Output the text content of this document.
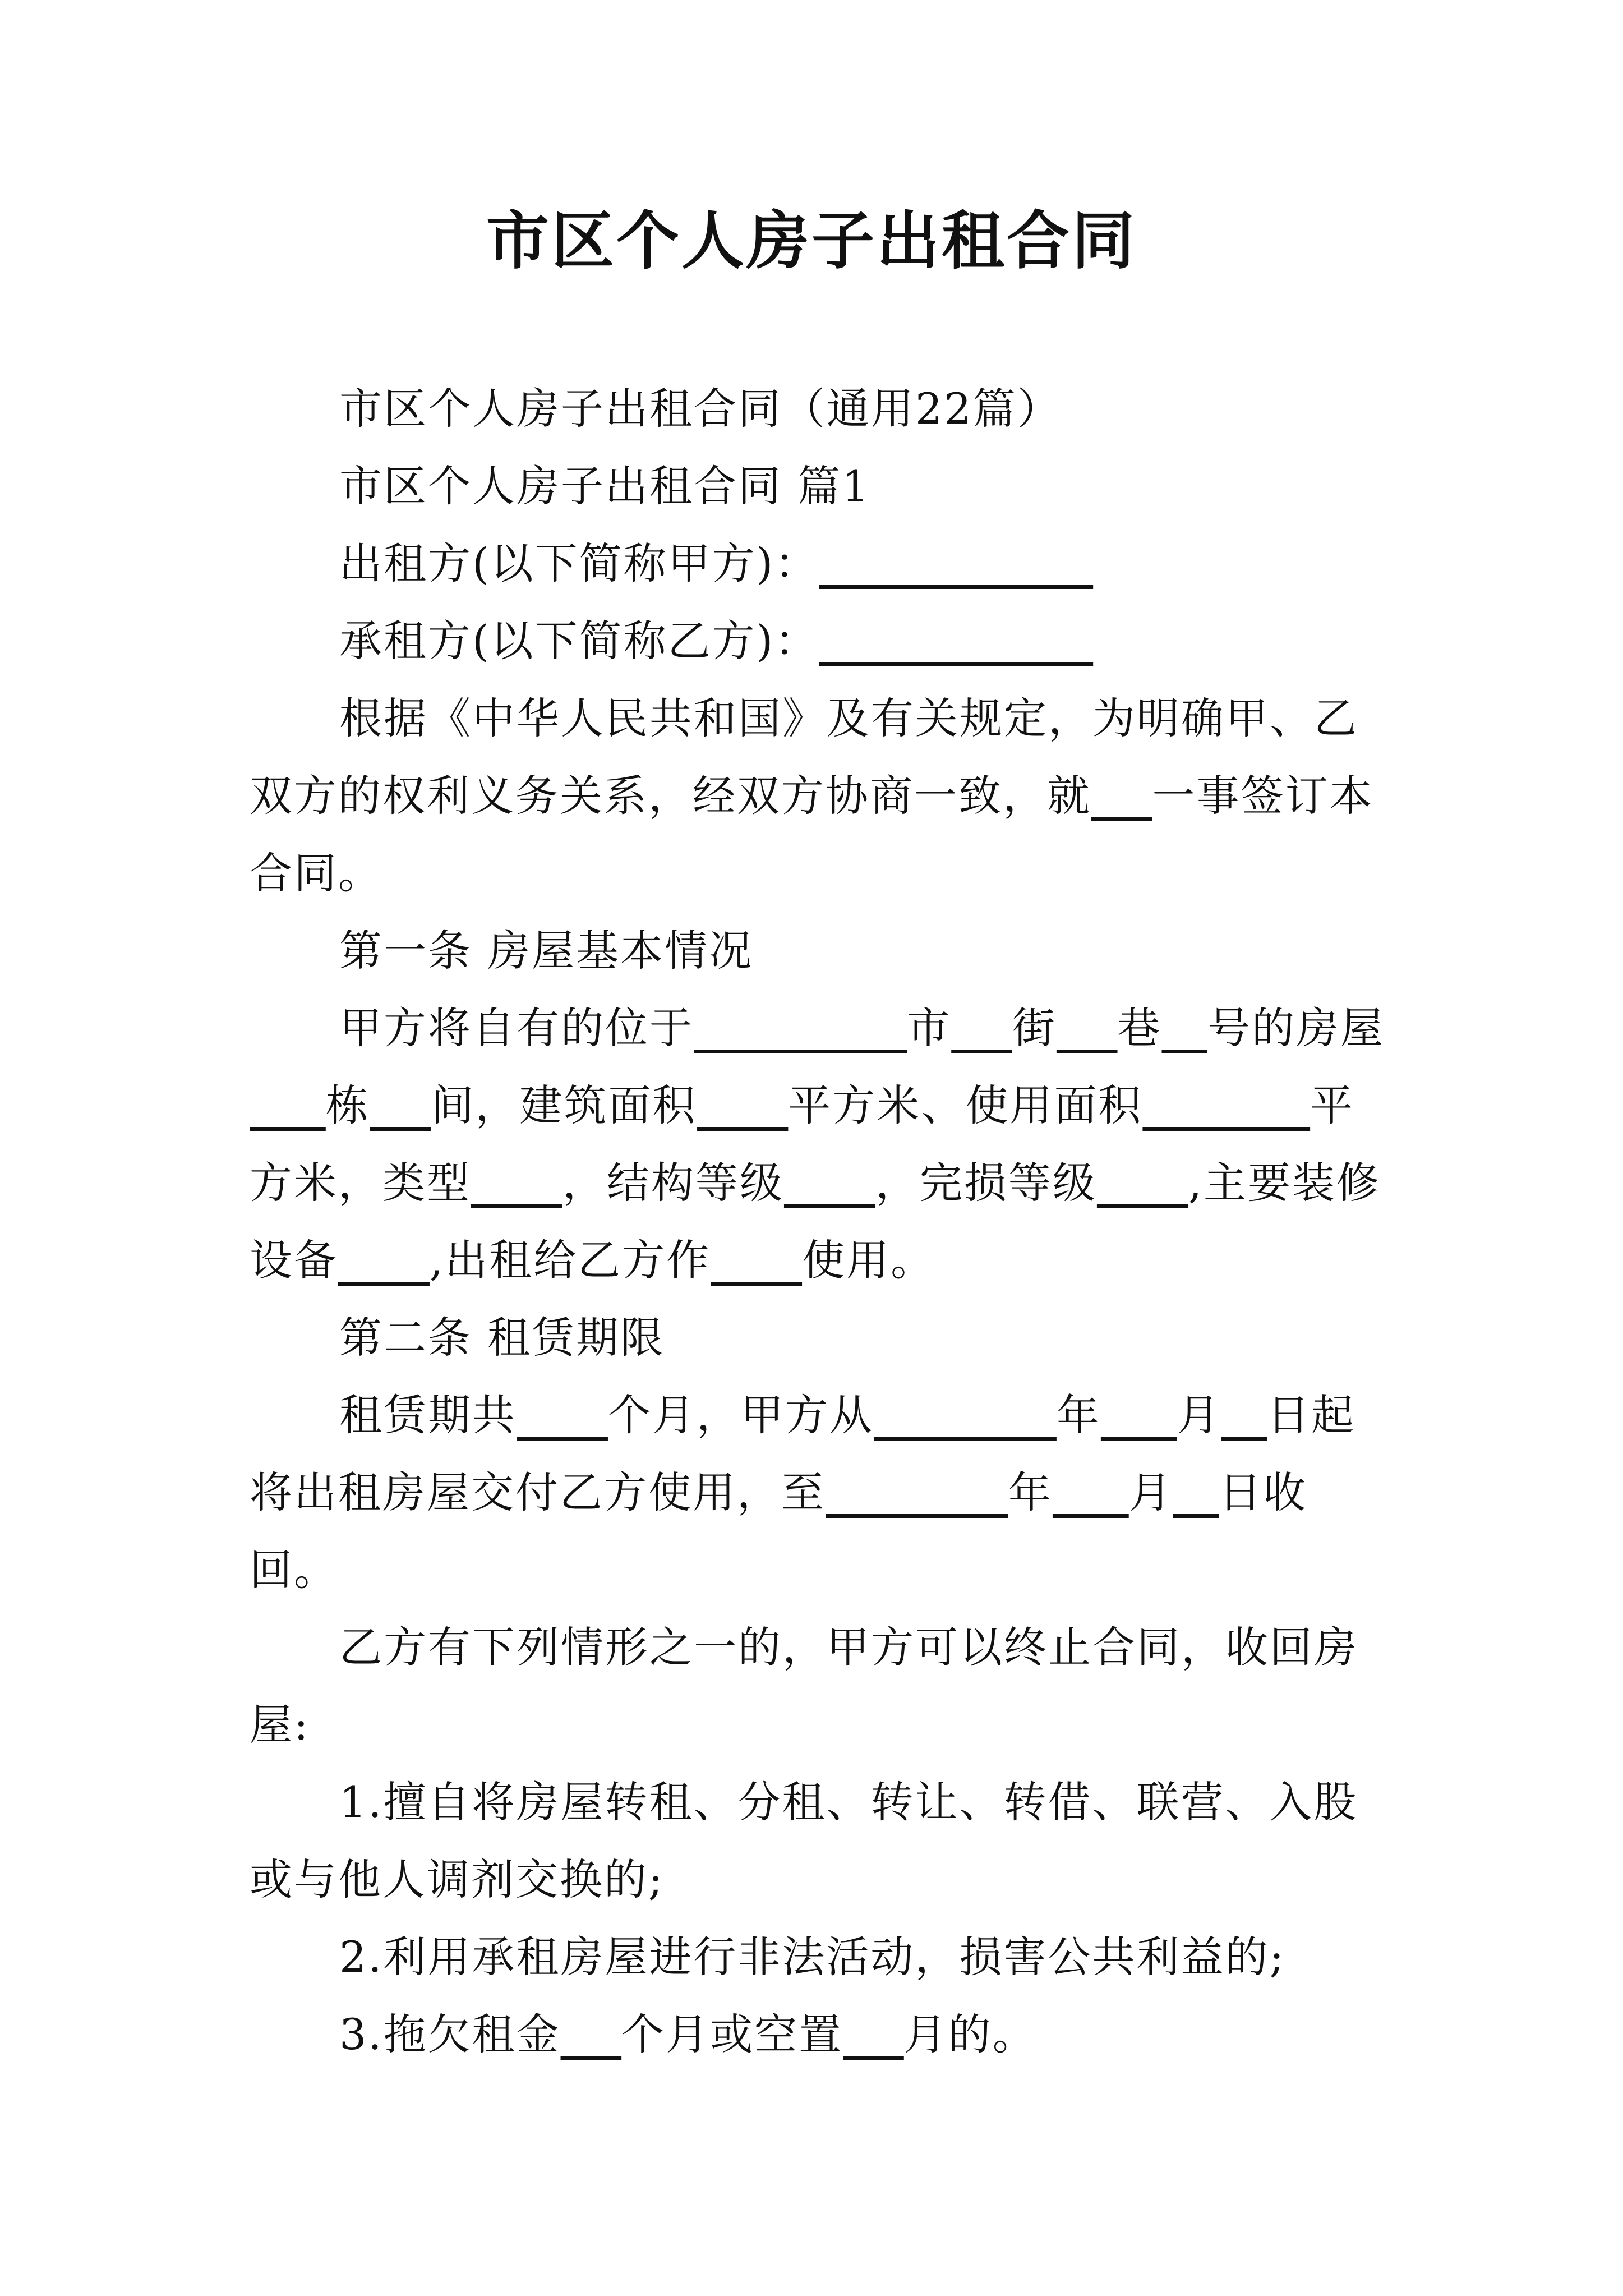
市区个人房子出租合同

市区个人房子出租合同（通用22篇）

市区个人房子出租合同 篇1

出租方(以下简称甲方)：

承租方(以下简称乙方)：

根据《中华人民共和国》及有关规定，为明确甲、乙双方的权利义务关系，经双方协商一致，就 一事签订本合同。

第一条 房屋基本情况

甲方将自有的位于	市 街 巷 号的房屋     栋 间，建筑面积 平方米、使用面积	平方米，类型 ，结构等级 ，完损等级 ,主要装修设备 ,出租给乙方作 使用。

第二条 租赁期限

租赁期共 个月，甲方从	年 月 日起将出租房屋交付乙方使用，至	年 月 日收回。

乙方有下列情形之一的，甲方可以终止合同，收回房屋:

1.擅自将房屋转租、分租、转让、转借、联营、入股或与他人调剂交换的;

2.利用承租房屋进行非法活动，损害公共利益的;

3.拖欠租金 个月或空置 月的。
